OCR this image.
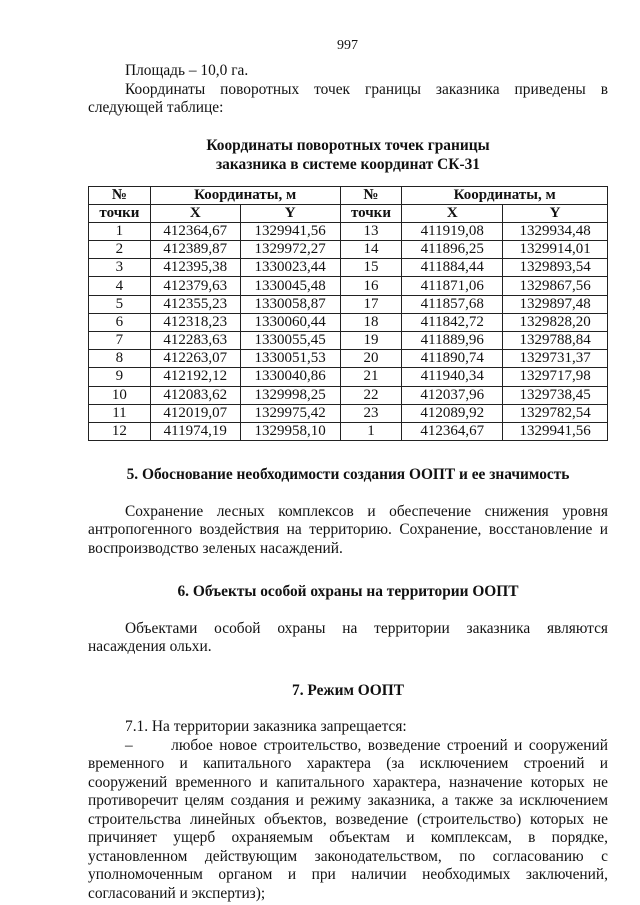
997

Площадь – 10,0 га.

Координаты поворотных точек границы заказника приведены в следующей таблице:

Координаты поворотных точек границы
заказника в системе координат СК-31
№	Координаты, м		№	Координаты, м	
точки	X	Y	точки	X	Y
1	412364,67	1329941,56	13	411919,08	1329934,48
2	412389,87	1329972,27	14	411896,25	1329914,01
3	412395,38	1330023,44	15	411884,44	1329893,54
4	412379,63	1330045,48	16	411871,06	1329867,56
5	412355,23	1330058,87	17	411857,68	1329897,48
6	412318,23	1330060,44	18	411842,72	1329828,20
7	412283,63	1330055,45	19	411889,96	1329788,84
8	412263,07	1330051,53	20	411890,74	1329731,37
9	412192,12	1330040,86	21	411940,34	1329717,98
10	412083,62	1329998,25	22	412037,96	1329738,45
11	412019,07	1329975,42	23	412089,92	1329782,54
12	411974,19	1329958,10	1	412364,67	1329941,56
5. Обоснование необходимости создания ООПТ и ее значимость

Сохранение лесных комплексов и обеспечение снижения уровня антропогенного воздействия на территорию. Сохранение, восстановление и воспроизводство зеленых насаждений.

6. Объекты особой охраны на территории ООПТ

Объектами особой охраны на территории заказника являются насаждения ольхи.

7. Режим ООПТ

7.1. На территории заказника запрещается:

–      любое новое строительство, возведение строений и сооружений временного и капитального характера (за исключением строений и сооружений временного и капитального характера, назначение которых не противоречит целям создания и режиму заказника, а также за исключением строительства линейных объектов, возведение (строительство) которых не причиняет ущерб охраняемым объектам и комплексам, в порядке, установленном действующим законодательством, по согласованию с уполномоченным органом и при наличии необходимых заключений, согласований и экспертиз);
